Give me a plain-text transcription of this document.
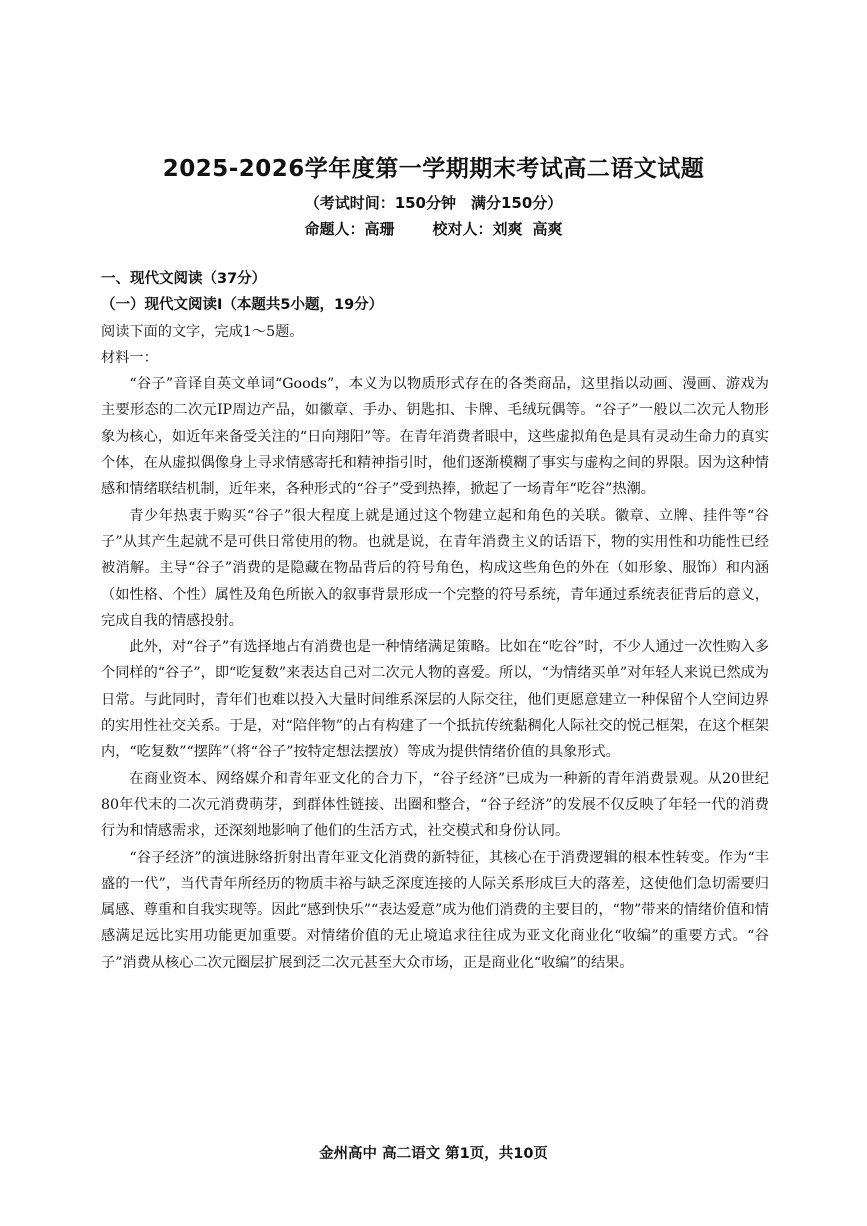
2025-2026学年度第一学期期末考试高二语文试题
（考试时间：150分钟　满分150分）
命题人：高珊	校对人：刘爽 高爽

一、现代文阅读（37分）

（一）现代文阅读Ⅰ（本题共5小题，19分）

阅读下面的文字，完成1～5题。

材料一：

“谷子”音译自英文单词“Goods”，本义为以物质形式存在的各类商品，这里指以动画、漫画、游戏为主要形态的二次元IP周边产品，如徽章、手办、钥匙扣、卡牌、毛绒玩偶等。“谷子”一般以二次元人物形象为核心，如近年来备受关注的“日向翔阳”等。在青年消费者眼中，这些虚拟角色是具有灵动生命力的真实个体，在从虚拟偶像身上寻求情感寄托和精神指引时，他们逐渐模糊了事实与虚构之间的界限。因为这种情感和情绪联结机制，近年来，各种形式的“谷子”受到热捧，掀起了一场青年“吃谷”热潮。

青少年热衷于购买“谷子”很大程度上就是通过这个物建立起和角色的关联。徽章、立牌、挂件等“谷子”从其产生起就不是可供日常使用的物。也就是说，在青年消费主义的话语下，物的实用性和功能性已经被消解。主导“谷子”消费的是隐藏在物品背后的符号角色，构成这些角色的外在（如形象、服饰）和内涵（如性格、个性）属性及角色所嵌入的叙事背景形成一个完整的符号系统，青年通过系统表征背后的意义，完成自我的情感投射。

此外，对“谷子”有选择地占有消费也是一种情绪满足策略。比如在“吃谷”时，不少人通过一次性购入多个同样的“谷子”，即“吃复数”来表达自己对二次元人物的喜爱。所以，“为情绪买单”对年轻人来说已然成为日常。与此同时，青年们也难以投入大量时间维系深层的人际交往，他们更愿意建立一种保留个人空间边界的实用性社交关系。于是，对“陪伴物”的占有构建了一个抵抗传统黏稠化人际社交的悦己框架，在这个框架内，“吃复数”“摆阵”（将“谷子”按特定想法摆放）等成为提供情绪价值的具象形式。

在商业资本、网络媒介和青年亚文化的合力下，“谷子经济”已成为一种新的青年消费景观。从20世纪80年代末的二次元消费萌芽，到群体性链接、出圈和整合，“谷子经济”的发展不仅反映了年轻一代的消费行为和情感需求，还深刻地影响了他们的生活方式，社交模式和身份认同。

“谷子经济”的演进脉络折射出青年亚文化消费的新特征，其核心在于消费逻辑的根本性转变。作为“丰盛的一代”，当代青年所经历的物质丰裕与缺乏深度连接的人际关系形成巨大的落差，这使他们急切需要归属感、尊重和自我实现等。因此“感到快乐”“表达爱意”成为他们消费的主要目的，“物”带来的情绪价值和情感满足远比实用功能更加重要。对情绪价值的无止境追求往往成为亚文化商业化“收编”的重要方式。“谷子”消费从核心二次元圈层扩展到泛二次元甚至大众市场，正是商业化“收编”的结果。

金州高中 高二语文 第1页，共10页
